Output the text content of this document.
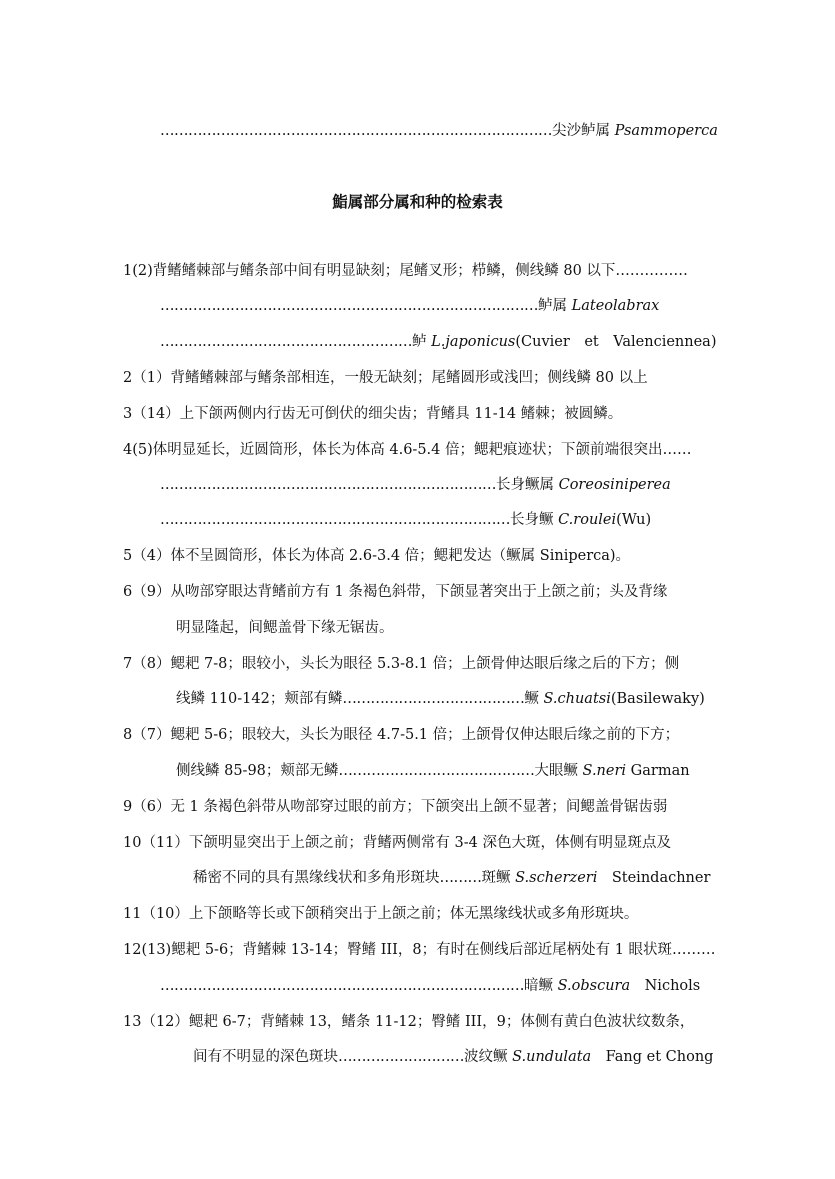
…………………………………………………………………………尖沙鲈属 Psammoperca
鮨属部分属和种的检索表
1(2)背鳍鳍棘部与鳍条部中间有明显缺刻；尾鳍叉形；栉鳞，侧线鳞 80 以下……………
………………………………………………………………………鲈属 Lateolabrax
………………………………………………鲈 L.japonicus(Cuvier　et　Valenciennea)
2（1）背鳍鳍棘部与鳍条部相连，一般无缺刻；尾鳍圆形或浅凹；侧线鳞 80 以上
3（14）上下颌两侧内行齿无可倒伏的细尖齿；背鳍具 11-14 鳍棘；被圆鳞。
4(5)体明显延长，近圆筒形，体长为体高 4.6-5.4 倍；鳃耙痕迹状；下颌前端很突出……
………………………………………………………………长身鳜属 Coreosiniperea
…………………………………………………………………长身鳜 C.roulei(Wu)
5（4）体不呈圆筒形，体长为体高 2.6-3.4 倍；鳃耙发达（鳜属 Siniperca)。
6（9）从吻部穿眼达背鳍前方有 1 条褐色斜带，下颌显著突出于上颌之前；头及背缘
明显隆起，间鳃盖骨下缘无锯齿。
7（8）鳃耙 7-8；眼较小，头长为眼径 5.3-8.1 倍；上颌骨伸达眼后缘之后的下方；侧
线鳞 110-142；颊部有鳞…………………………………鳜 S.chuatsi(Basilewaky)
8（7）鳃耙 5-6；眼较大，头长为眼径 4.7-5.1 倍；上颌骨仅伸达眼后缘之前的下方；
侧线鳞 85-98；颊部无鳞……………………………………大眼鳜 S.neri Garman
9（6）无 1 条褐色斜带从吻部穿过眼的前方；下颌突出上颌不显著；间鳃盖骨锯齿弱
10（11）下颌明显突出于上颌之前；背鳍两侧常有 3-4 深色大斑，体侧有明显斑点及
稀密不同的具有黑缘线状和多角形斑块………斑鳜 S.scherzeri　Steindachner
11（10）上下颌略等长或下颌稍突出于上颌之前；体无黑缘线状或多角形斑块。
12(13)鳃耙 5-6；背鳍棘 13-14；臀鳍 III，8；有时在侧线后部近尾柄处有 1 眼状斑………
……………………………………………………………………暗鳜 S.obscura　Nichols
13（12）鳃耙 6-7；背鳍棘 13，鳍条 11-12；臀鳍 III，9；体侧有黄白色波状纹数条，
间有不明显的深色斑块………………………波纹鳜 S.undulata　Fang et Chong
